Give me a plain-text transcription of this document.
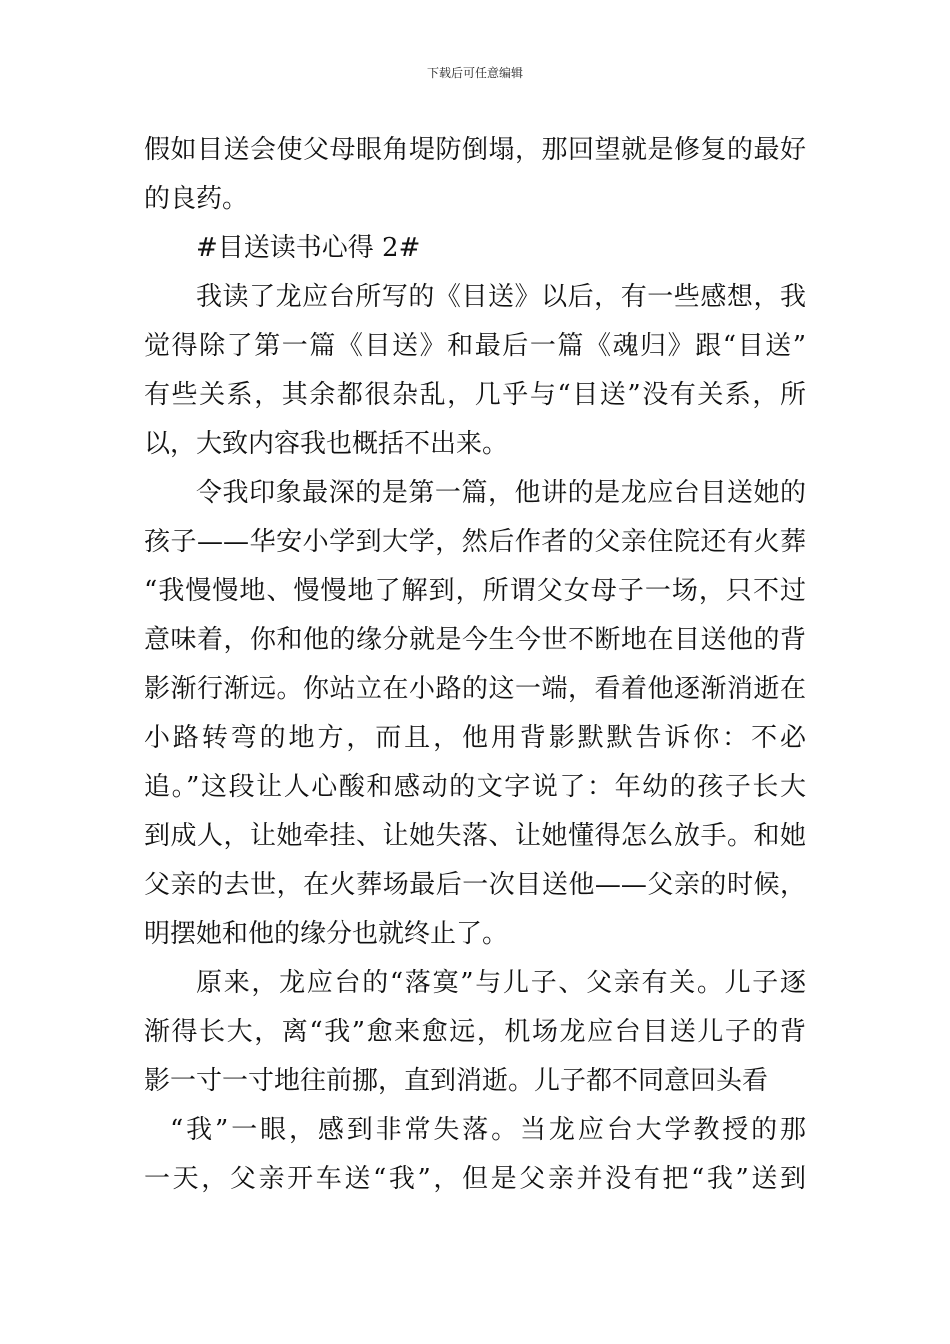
下载后可任意编辑
假如目送会使父母眼角堤防倒塌，那回望就是修复的最好
的良药。
#目送读书心得 2#
我读了龙应台所写的《目送》以后，有一些感想，我
觉得除了第一篇《目送》和最后一篇《魂归》跟“目送”
有些关系，其余都很杂乱，几乎与“目送”没有关系，所
以，大致内容我也概括不出来。
令我印象最深的是第一篇，他讲的是龙应台目送她的
孩子——华安小学到大学，然后作者的父亲住院还有火葬
“我慢慢地、慢慢地了解到，所谓父女母子一场，只不过
意味着，你和他的缘分就是今生今世不断地在目送他的背
影渐行渐远。你站立在小路的这一端，看着他逐渐消逝在
小路转弯的地方，而且，他用背影默默告诉你：不必
追。”这段让人心酸和感动的文字说了：年幼的孩子长大
到成人，让她牵挂、让她失落、让她懂得怎么放手。和她
父亲的去世，在火葬场最后一次目送他——父亲的时候，
明摆她和他的缘分也就终止了。
原来，龙应台的“落寞”与儿子、父亲有关。儿子逐
渐得长大，离“我”愈来愈远，机场龙应台目送儿子的背
影一寸一寸地往前挪，直到消逝。儿子都不同意回头看
“我”一眼，感到非常失落。当龙应台大学教授的那
一天，父亲开车送“我”，但是父亲并没有把“我”送到
